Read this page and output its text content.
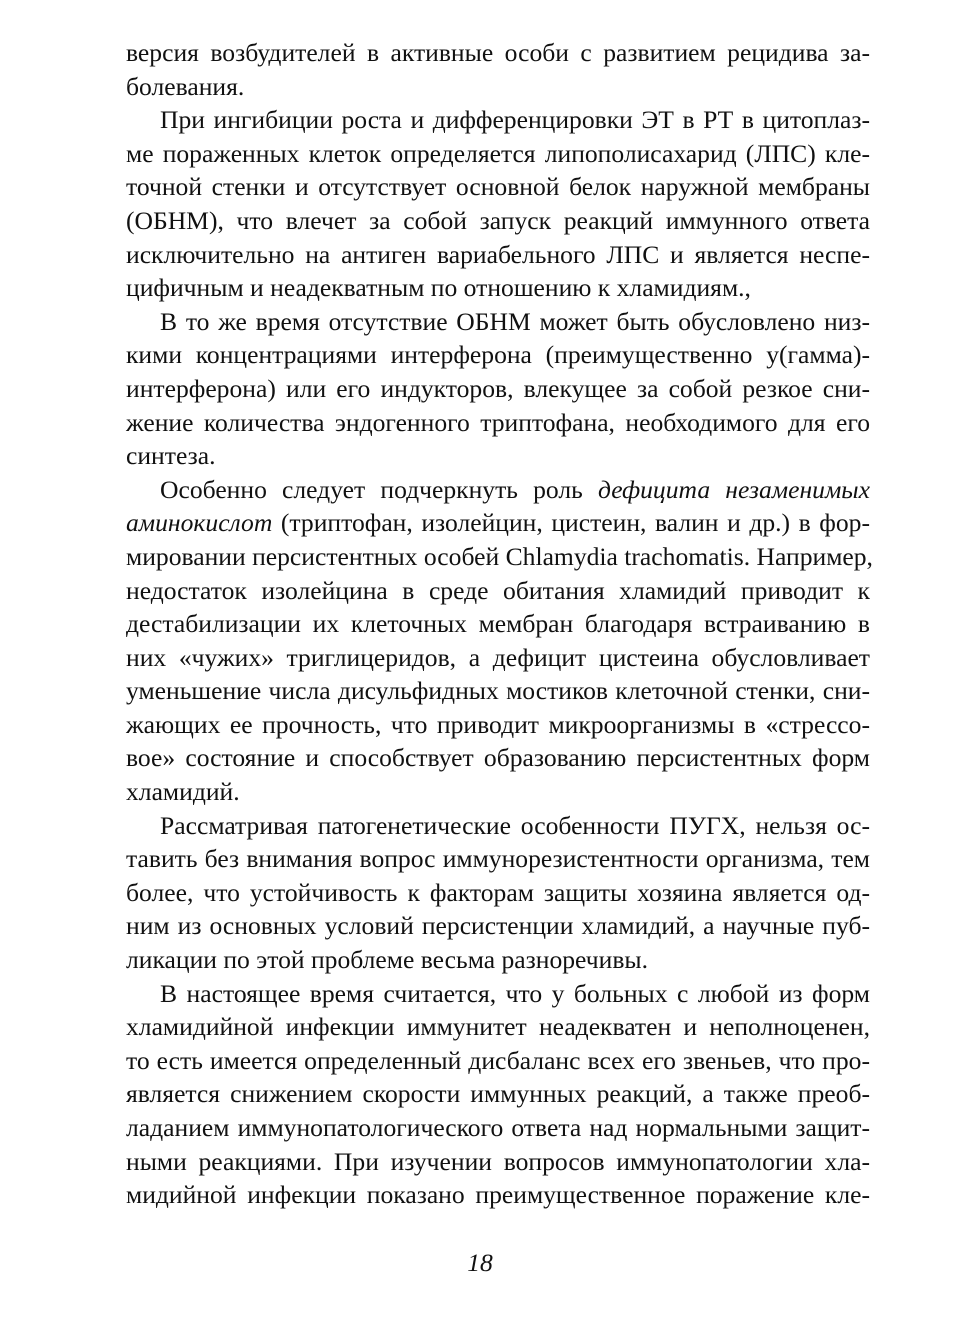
версия возбудителей в активные особи с развитием рецидива за-
болевания.
При ингибиции роста и дифференцировки ЭТ в РТ в цитоплаз-
ме пораженных клеток определяется липополисахарид (ЛПС) кле-
точной стенки и отсутствует основной белок наружной мембраны
(ОБНМ), что влечет за собой запуск реакций иммунного ответа
исключительно на антиген вариабельного ЛПС и является неспе-
цифичным и неадекватным по отношению к хламидиям.,
В то же время отсутствие ОБНМ может быть обусловлено низ-
кими концентрациями интерферона (преимущественно у(гамма)-
интерферона) или его индукторов, влекущее за собой резкое сни-
жение количества эндогенного триптофана, необходимого для его
синтеза.
Особенно следует подчеркнуть роль дефицита незаменимых
аминокислот (триптофан, изолейцин, цистеин, валин и др.) в фор-
мировании персистентных особей Chlamydia trachomatis. Например,
недостаток изолейцина в среде обитания хламидий приводит к
дестабилизации их клеточных мембран благодаря встраиванию в
них «чужих» триглицеридов, а дефицит цистеина обусловливает
уменьшение числа дисульфидных мостиков клеточной стенки, сни-
жающих ее прочность, что приводит микроорганизмы в «стрессо-
вое» состояние и способствует образованию персистентных форм
хламидий.
Рассматривая патогенетические особенности ПУГХ, нельзя ос-
тавить без внимания вопрос иммунорезистентности организма, тем
более, что устойчивость к факторам защиты хозяина является од-
ним из основных условий персистенции хламидий, а научные пуб-
ликации по этой проблеме весьма разноречивы.
В настоящее время считается, что у больных с любой из форм
хламидийной инфекции иммунитет неадекватен и неполноценен,
то есть имеется определенный дисбаланс всех его звеньев, что про-
является снижением скорости иммунных реакций, а также преоб-
ладанием иммунопатологического ответа над нормальными защит-
ными реакциями. При изучении вопросов иммунопатологии хла-
мидийной инфекции показано преимущественное поражение кле-
18
